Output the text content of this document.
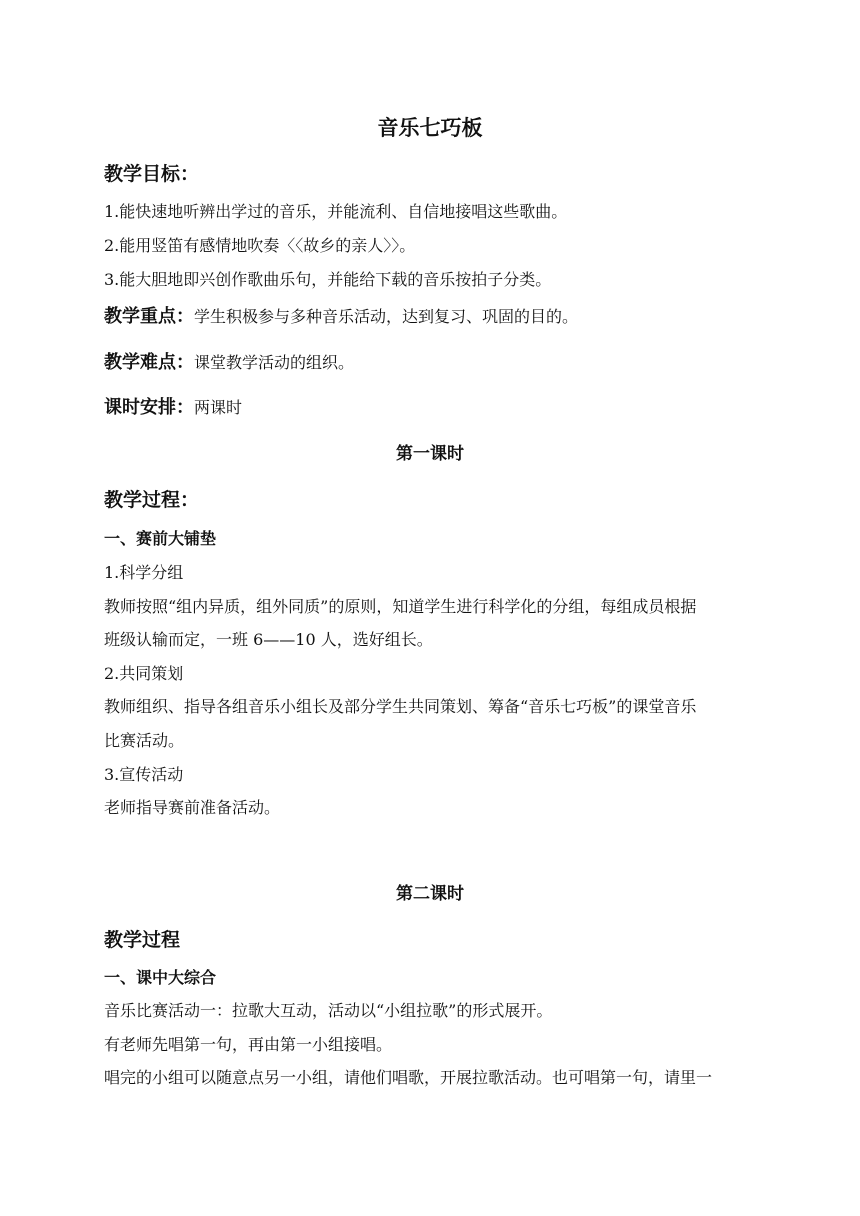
音乐七巧板
教学目标：
1.能快速地听辨出学过的音乐，并能流利、自信地接唱这些歌曲。
2.能用竖笛有感情地吹奏〈〈故乡的亲人〉〉。
3.能大胆地即兴创作歌曲乐句，并能给下载的音乐按拍子分类。
教学重点：学生积极参与多种音乐活动，达到复习、巩固的目的。
教学难点：课堂教学活动的组织。
课时安排：两课时
第一课时
教学过程：
一、赛前大铺垫
1.科学分组
教师按照“组内异质，组外同质”的原则，知道学生进行科学化的分组，每组成员根据
班级认输而定，一班 6——10 人，选好组长。
2.共同策划
教师组织、指导各组音乐小组长及部分学生共同策划、筹备“音乐七巧板”的课堂音乐
比赛活动。
3.宣传活动
老师指导赛前准备活动。
第二课时
教学过程
一、课中大综合
音乐比赛活动一：拉歌大互动，活动以“小组拉歌”的形式展开。
有老师先唱第一句，再由第一小组接唱。
唱完的小组可以随意点另一小组，请他们唱歌，开展拉歌活动。也可唱第一句，请里一
